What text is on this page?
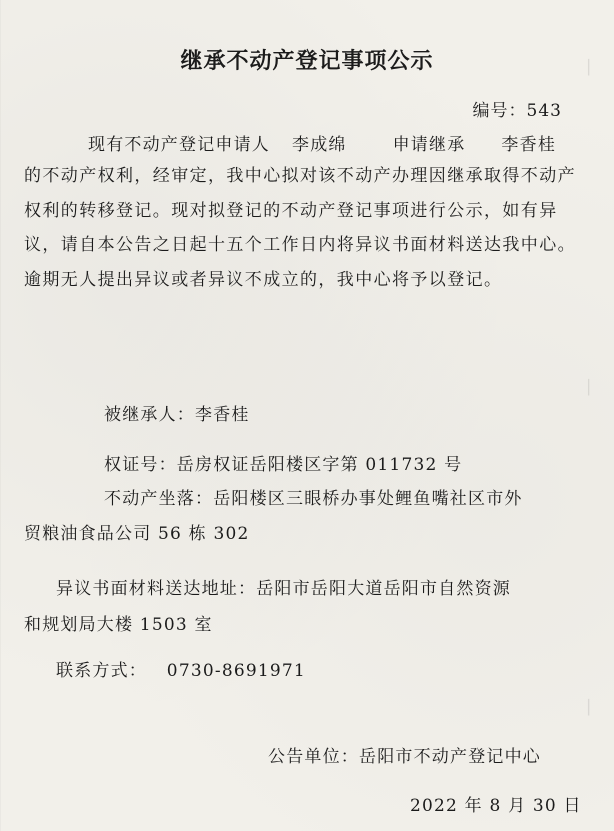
▏
▏
▏
继承不动产登记事项公示
编号：543
现有不动产登记申请人 李成绵	申请继承 李香桂
的不动产权利，经审定，我中心拟对该不动产办理因继承取得不动产权利的转移登记。现对拟登记的不动产登记事项进行公示，如有异议，请自本公告之日起十五个工作日内将异议书面材料送达我中心。逾期无人提出异议或者异议不成立的，我中心将予以登记。
被继承人：李香桂
权证号：岳房权证岳阳楼区字第 011732 号
不动产坐落：岳阳楼区三眼桥办事处鲤鱼嘴社区市外
贸粮油食品公司 56 栋 302
异议书面材料送达地址：岳阳市岳阳大道岳阳市自然资源
和规划局大楼 1503 室
联系方式：   0730-8691971
公告单位：岳阳市不动产登记中心
2022 年 8 月 30 日
